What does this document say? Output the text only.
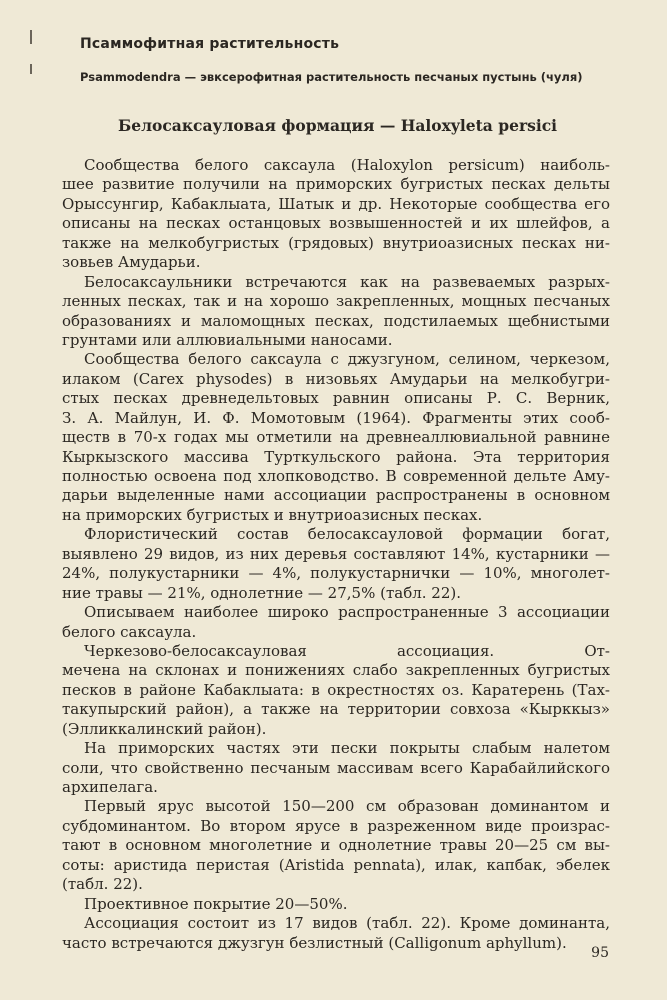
Псаммофитная растительность

Psammodendra — эвксерофитная растительность песчаных пустынь (чуля)

Белосаксауловая формация — Haloxyleta persici
Сообщества белого саксаула (Haloxylon persicum) наиболь-
шее развитие получили на приморских бугристых песках дельты
Орыссунгир, Кабаклыата, Шатык и др. Некоторые сообщества его
описаны на песках останцовых возвышенностей и их шлейфов, а
также на мелкобугристых (грядовых) внутриоазисных песках ни-
зовьев Амударьи.
Белосаксаульники встречаются как на развеваемых разрых-
ленных песках, так и на хорошо закрепленных, мощных песчаных
образованиях и маломощных песках, подстилаемых щебнистыми
грунтами или аллювиальными наносами.
Сообщества белого саксаула с джузгуном, селином, черкезом,
илаком (Carex physodes) в низовьях Амударьи на мелкобугри-
стых песках древнедельтовых равнин описаны Р. С. Верник,
З. А. Майлун, И. Ф. Момотовым (1964). Фрагменты этих сооб-
ществ в 70-х годах мы отметили на древнеаллювиальной равнине
Кыркызского массива Турткульского района. Эта территория
полностью освоена под хлопководство. В современной дельте Аму-
дарьи выделенные нами ассоциации распространены в основном
на приморских бугристых и внутриоазисных песках.
Флористический состав белосаксауловой формации богат,
выявлено 29 видов, из них деревья составляют 14%, кустарники —
24%, полукустарники — 4%, полукустарнички — 10%, многолет-
ние травы — 21%, однолетние — 27,5% (табл. 22).
Описываем наиболее широко распространенные 3 ассоциации
белого саксаула.
Черкезово-белосаксауловая ассоциация. От-
мечена на склонах и понижениях слабо закрепленных бугристых
песков в районе Кабаклыата: в окрестностях оз. Каратерень (Тах-
такупырский район), а также на территории совхоза «Кырккыз»
(Элликкалинский район).
На приморских частях эти пески покрыты слабым налетом
соли, что свойственно песчаным массивам всего Карабайлийского
архипелага.
Первый ярус высотой 150—200 см образован доминантом и
субдоминантом. Во втором ярусе в разреженном виде произрас-
тают в основном многолетние и однолетние травы 20—25 см вы-
соты: аристида перистая (Aristida pennata), илак, капбак, эбелек
(табл. 22).
Проективное покрытие 20—50%.
Ассоциация состоит из 17 видов (табл. 22). Кроме доминанта,
часто встречаются джузгун безлистный (Calligonum aphyllum).

95
